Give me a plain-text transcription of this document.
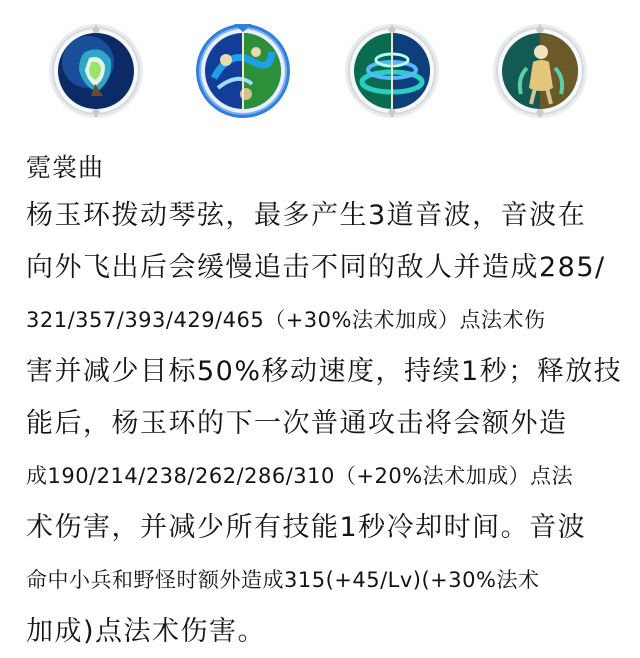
霓裳曲
杨玉环拨动琴弦，最多产生3道音波，音波在
向外飞出后会缓慢追击不同的敌人并造成285/
321/357/393/429/465（+30%法术加成）点法术伤
害并减少目标50%移动速度，持续1秒；释放技
能后，杨玉环的下一次普通攻击将会额外造
成190/214/238/262/286/310（+20%法术加成）点法
术伤害，并减少所有技能1秒冷却时间。音波
命中小兵和野怪时额外造成315(+45/Lv)(+30%法术
加成)点法术伤害。
